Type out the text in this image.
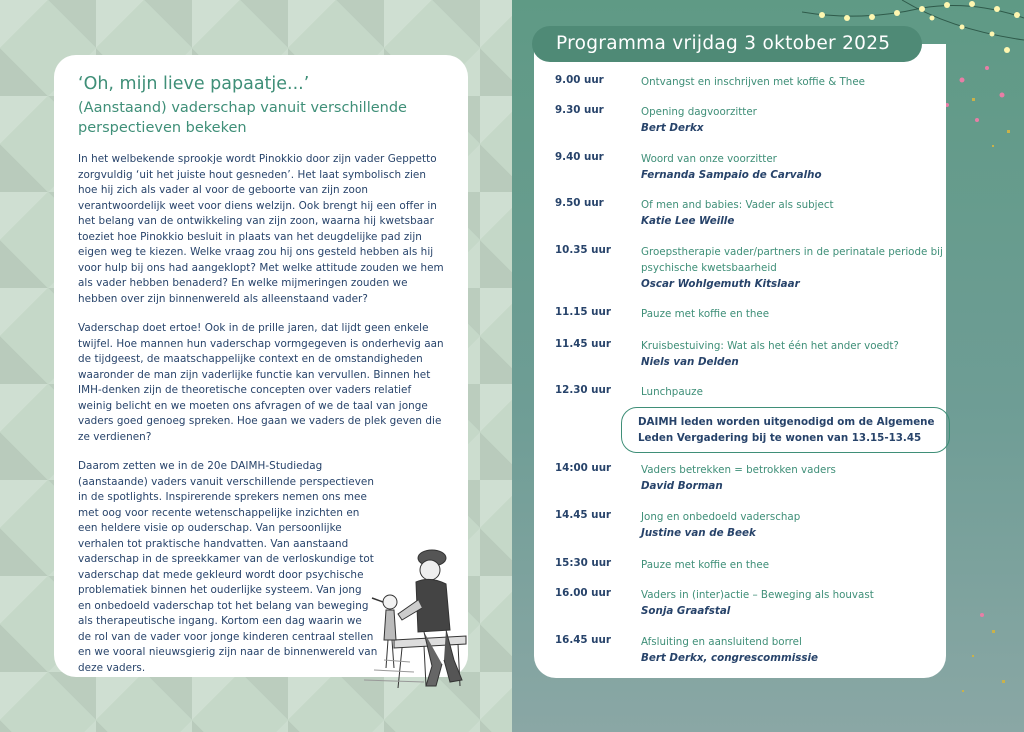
‘Oh, mijn lieve papaatje...’
(Aanstaand) vaderschap vanuit verschillende perspectieven bekeken

In het welbekende sprookje wordt Pinokkio door zijn vader Geppetto zorgvuldig ‘uit het juiste hout gesneden’. Het laat symbolisch zien hoe hij zich als vader al voor de geboorte van zijn zoon verantwoordelijk weet voor diens welzijn. Ook brengt hij een offer in het belang van de ontwikkeling van zijn zoon, waarna hij kwetsbaar toeziet hoe Pinokkio besluit in plaats van het deugdelijke pad zijn eigen weg te kiezen. Welke vraag zou hij ons gesteld hebben als hij voor hulp bij ons had aangeklopt? Met welke attitude zouden we hem als vader hebben benaderd? En welke mijmeringen zouden we hebben over zijn binnenwereld als alleenstaand vader?

Vaderschap doet ertoe! Ook in de prille jaren, dat lijdt geen enkele twijfel. Hoe mannen hun vaderschap vormgegeven is onderhevig aan de tijdgeest, de maatschappelijke context en de omstandigheden waaronder de man zijn vaderlijke functie kan vervullen. Binnen het IMH-denken zijn de theoretische concepten over vaders relatief weinig belicht en we moeten ons afvragen of we de taal van jonge vaders goed genoeg spreken. Hoe gaan we vaders de plek geven die ze verdienen?

Daarom zetten we in de 20e DAIMH-Studiedag (aanstaande) vaders vanuit verschillende perspectieven in de spotlights. Inspirerende sprekers nemen ons mee met oog voor recente wetenschappelijke inzichten en een heldere visie op ouderschap. Van persoonlijke verhalen tot praktische handvatten. Van aanstaand vaderschap in de spreekkamer van de verloskundige tot vaderschap dat mede gekleurd wordt door psychische problematiek binnen het ouderlijke systeem. Van jong en onbedoeld vaderschap tot het belang van beweging als therapeutische ingang. Kortom een dag waarin we de rol van de vader voor jonge kinderen centraal stellen en we vooral nieuwsgierig zijn naar de binnenwereld van deze vaders.

Programma vrijdag 3 oktober 2025
9.00 uur	Ontvangst en inschrijven met koffie & Thee
9.30 uur	Opening dagvoorzitter
Bert Derkx
9.40 uur	Woord van onze voorzitter
Fernanda Sampaio de Carvalho
9.50 uur	Of men and babies: Vader als subject
Katie Lee Weille
10.35 uur	Groepstherapie vader/partners in de perinatale periode bij psychische kwetsbaarheid
Oscar Wohlgemuth Kitslaar
11.15 uur	Pauze met koffie en thee
11.45 uur	Kruisbestuiving: Wat als het één het ander voedt?
Niels van Delden
12.30 uur	Lunchpauze
DAIMH leden worden uitgenodigd om de Algemene Leden Vergadering bij te wonen van 13.15-13.45
14:00 uur	Vaders betrekken = betrokken vaders
David Borman
14.45 uur	Jong en onbedoeld vaderschap
Justine van de Beek
15:30 uur	Pauze met koffie en thee
16.00 uur	Vaders in (inter)actie – Beweging als houvast
Sonja Graafstal
16.45 uur	Afsluiting en aansluitend borrel
Bert Derkx, congrescommissie
